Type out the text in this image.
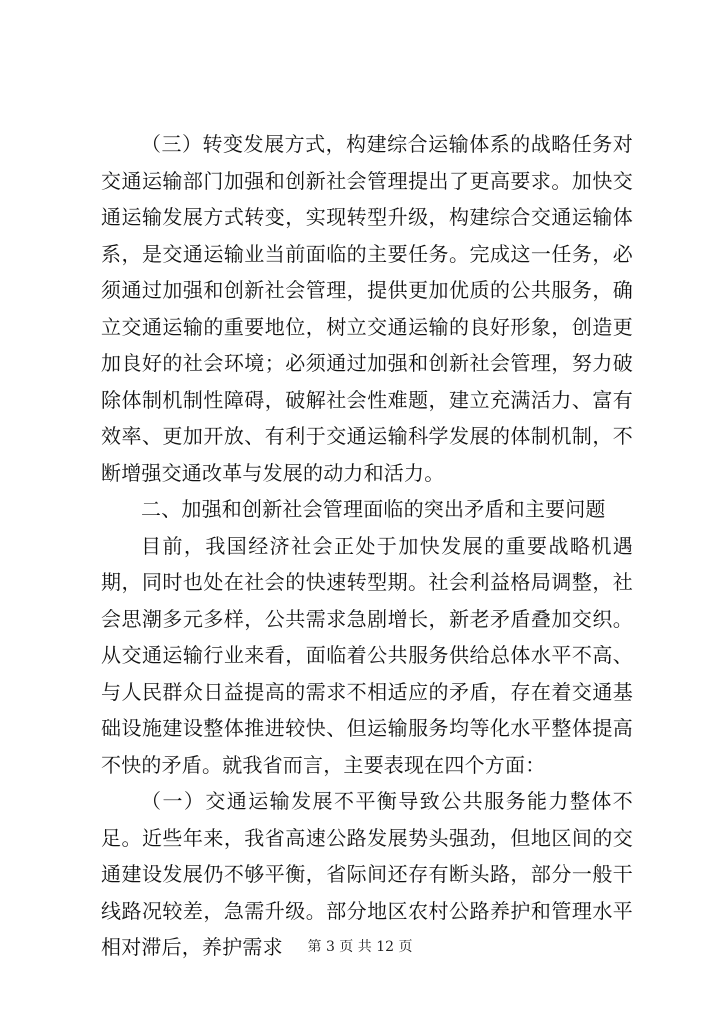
（三）转变发展方式，构建综合运输体系的战略任务对交通运输部门加强和创新社会管理提出了更高要求。加快交通运输发展方式转变，实现转型升级，构建综合交通运输体系，是交通运输业当前面临的主要任务。完成这一任务，必须通过加强和创新社会管理，提供更加优质的公共服务，确立交通运输的重要地位，树立交通运输的良好形象，创造更加良好的社会环境；必须通过加强和创新社会管理，努力破除体制机制性障碍，破解社会性难题，建立充满活力、富有效率、更加开放、有利于交通运输科学发展的体制机制，不断增强交通改革与发展的动力和活力。

二、加强和创新社会管理面临的突出矛盾和主要问题

目前，我国经济社会正处于加快发展的重要战略机遇期，同时也处在社会的快速转型期。社会利益格局调整，社会思潮多元多样，公共需求急剧增长，新老矛盾叠加交织。从交通运输行业来看，面临着公共服务供给总体水平不高、与人民群众日益提高的需求不相适应的矛盾，存在着交通基础设施建设整体推进较快、但运输服务均等化水平整体提高不快的矛盾。就我省而言，主要表现在四个方面：

（一）交通运输发展不平衡导致公共服务能力整体不足。近些年来，我省高速公路发展势头强劲，但地区间的交通建设发展仍不够平衡，省际间还存有断头路，部分一般干线路况较差，急需升级。部分地区农村公路养护和管理水平相对滞后，养护需求	第 3 页 共 12 页
